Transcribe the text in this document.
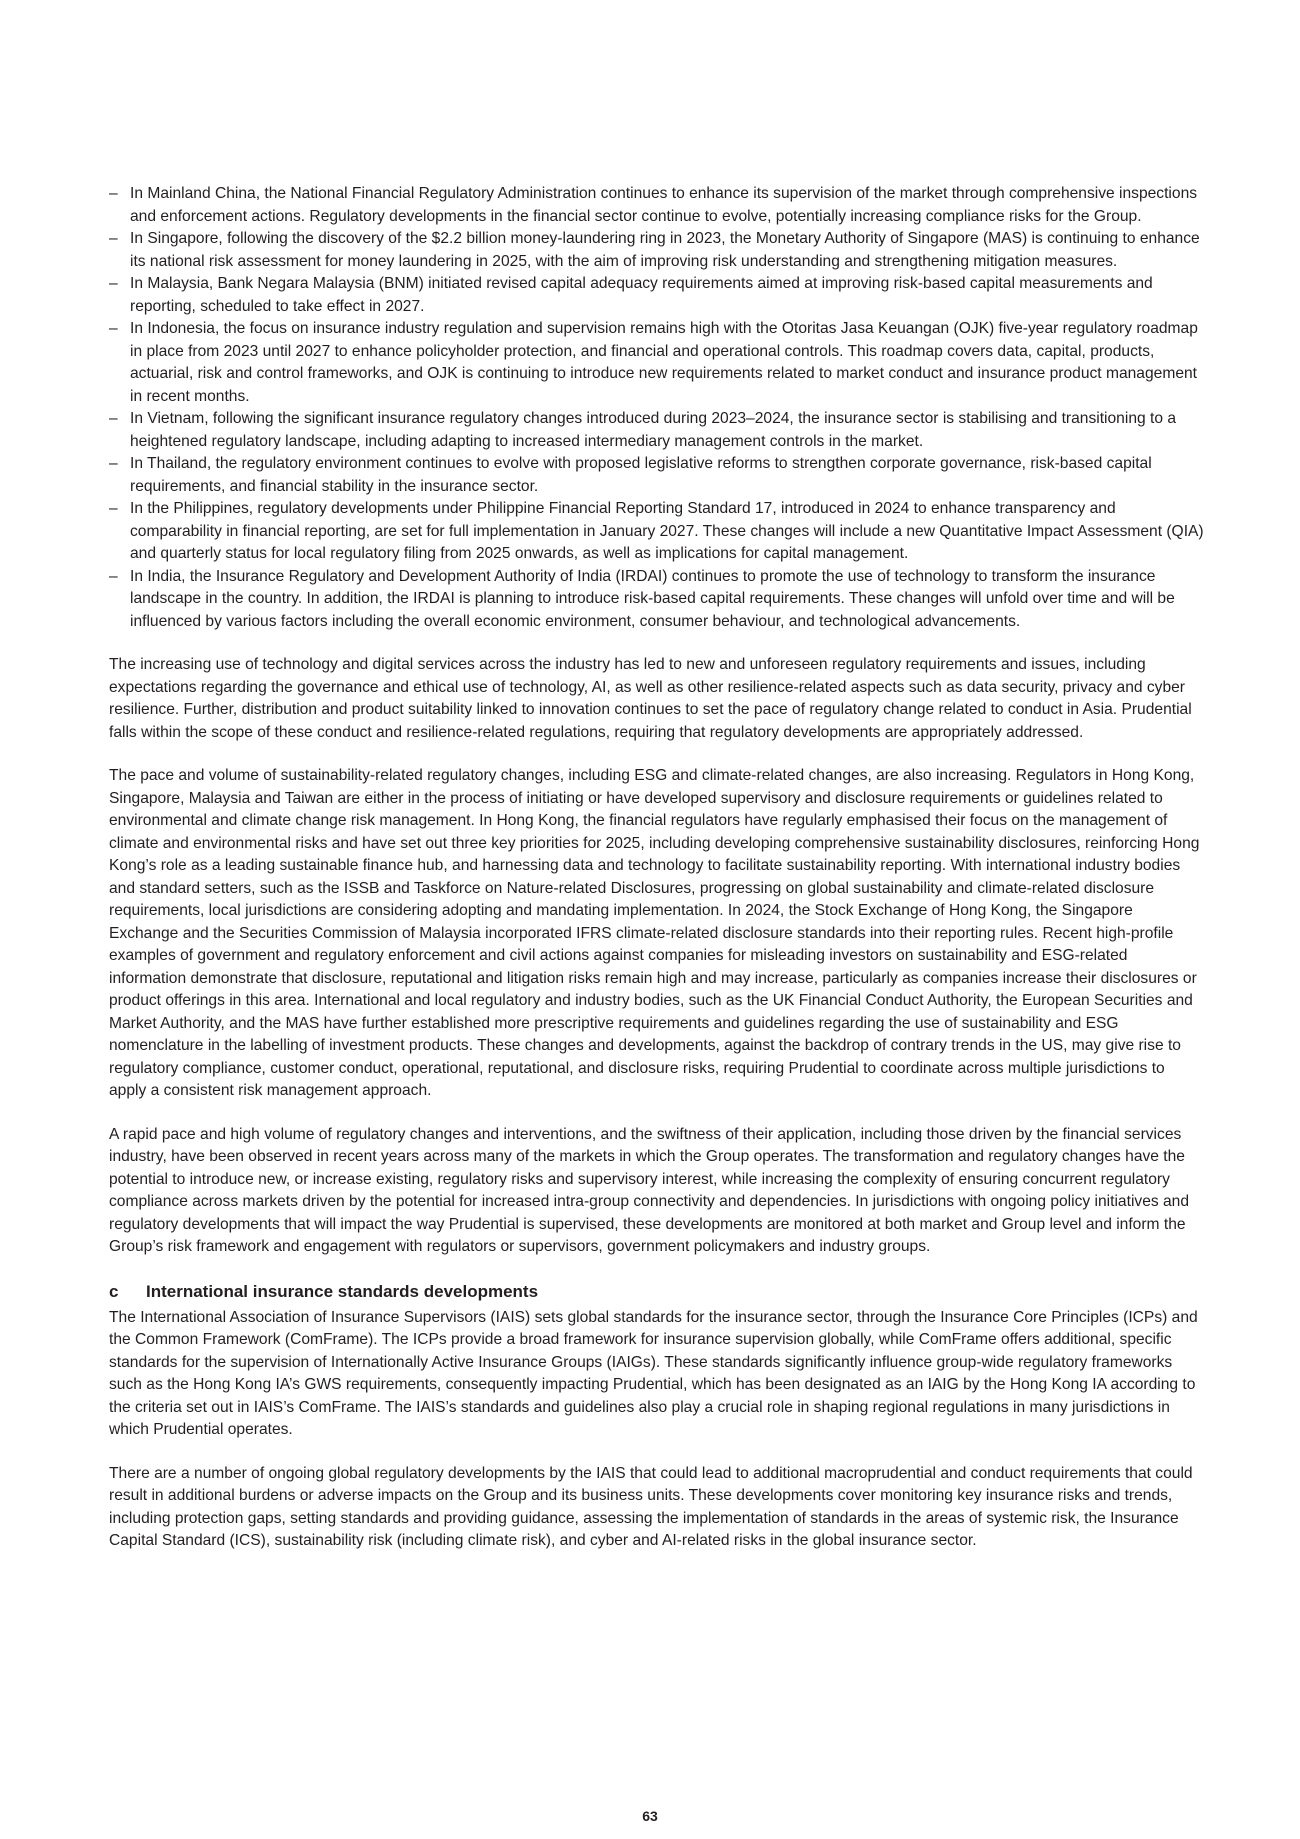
– In Mainland China, the National Financial Regulatory Administration continues to enhance its supervision of the market through comprehensive inspections and enforcement actions. Regulatory developments in the financial sector continue to evolve, potentially increasing compliance risks for the Group.
– In Singapore, following the discovery of the $2.2 billion money-laundering ring in 2023, the Monetary Authority of Singapore (MAS) is continuing to enhance its national risk assessment for money laundering in 2025, with the aim of improving risk understanding and strengthening mitigation measures.
– In Malaysia, Bank Negara Malaysia (BNM) initiated revised capital adequacy requirements aimed at improving risk-based capital measurements and reporting, scheduled to take effect in 2027.
– In Indonesia, the focus on insurance industry regulation and supervision remains high with the Otoritas Jasa Keuangan (OJK) five-year regulatory roadmap in place from 2023 until 2027 to enhance policyholder protection, and financial and operational controls. This roadmap covers data, capital, products, actuarial, risk and control frameworks, and OJK is continuing to introduce new requirements related to market conduct and insurance product management in recent months.
– In Vietnam, following the significant insurance regulatory changes introduced during 2023–2024, the insurance sector is stabilising and transitioning to a heightened regulatory landscape, including adapting to increased intermediary management controls in the market.
– In Thailand, the regulatory environment continues to evolve with proposed legislative reforms to strengthen corporate governance, risk-based capital requirements, and financial stability in the insurance sector.
– In the Philippines, regulatory developments under Philippine Financial Reporting Standard 17, introduced in 2024 to enhance transparency and comparability in financial reporting, are set for full implementation in January 2027. These changes will include a new Quantitative Impact Assessment (QIA) and quarterly status for local regulatory filing from 2025 onwards, as well as implications for capital management.
– In India, the Insurance Regulatory and Development Authority of India (IRDAI) continues to promote the use of technology to transform the insurance landscape in the country. In addition, the IRDAI is planning to introduce risk-based capital requirements. These changes will unfold over time and will be influenced by various factors including the overall economic environment, consumer behaviour, and technological advancements.

The increasing use of technology and digital services across the industry has led to new and unforeseen regulatory requirements and issues, including expectations regarding the governance and ethical use of technology, AI, as well as other resilience-related aspects such as data security, privacy and cyber resilience. Further, distribution and product suitability linked to innovation continues to set the pace of regulatory change related to conduct in Asia. Prudential falls within the scope of these conduct and resilience-related regulations, requiring that regulatory developments are appropriately addressed.

The pace and volume of sustainability-related regulatory changes, including ESG and climate-related changes, are also increasing. Regulators in Hong Kong, Singapore, Malaysia and Taiwan are either in the process of initiating or have developed supervisory and disclosure requirements or guidelines related to environmental and climate change risk management. In Hong Kong, the financial regulators have regularly emphasised their focus on the management of climate and environmental risks and have set out three key priorities for 2025, including developing comprehensive sustainability disclosures, reinforcing Hong Kong’s role as a leading sustainable finance hub, and harnessing data and technology to facilitate sustainability reporting. With international industry bodies and standard setters, such as the ISSB and Taskforce on Nature-related Disclosures, progressing on global sustainability and climate-related disclosure requirements, local jurisdictions are considering adopting and mandating implementation. In 2024, the Stock Exchange of Hong Kong, the Singapore Exchange and the Securities Commission of Malaysia incorporated IFRS climate-related disclosure standards into their reporting rules. Recent high-profile examples of government and regulatory enforcement and civil actions against companies for misleading investors on sustainability and ESG-related information demonstrate that disclosure, reputational and litigation risks remain high and may increase, particularly as companies increase their disclosures or product offerings in this area. International and local regulatory and industry bodies, such as the UK Financial Conduct Authority, the European Securities and Market Authority, and the MAS have further established more prescriptive requirements and guidelines regarding the use of sustainability and ESG nomenclature in the labelling of investment products. These changes and developments, against the backdrop of contrary trends in the US, may give rise to regulatory compliance, customer conduct, operational, reputational, and disclosure risks, requiring Prudential to coordinate across multiple jurisdictions to apply a consistent risk management approach.

A rapid pace and high volume of regulatory changes and interventions, and the swiftness of their application, including those driven by the financial services industry, have been observed in recent years across many of the markets in which the Group operates. The transformation and regulatory changes have the potential to introduce new, or increase existing, regulatory risks and supervisory interest, while increasing the complexity of ensuring concurrent regulatory compliance across markets driven by the potential for increased intra-group connectivity and dependencies. In jurisdictions with ongoing policy initiatives and regulatory developments that will impact the way Prudential is supervised, these developments are monitored at both market and Group level and inform the Group’s risk framework and engagement with regulators or supervisors, government policymakers and industry groups.

c	International insurance standards developments

The International Association of Insurance Supervisors (IAIS) sets global standards for the insurance sector, through the Insurance Core Principles (ICPs) and the Common Framework (ComFrame). The ICPs provide a broad framework for insurance supervision globally, while ComFrame offers additional, specific standards for the supervision of Internationally Active Insurance Groups (IAIGs). These standards significantly influence group-wide regulatory frameworks such as the Hong Kong IA’s GWS requirements, consequently impacting Prudential, which has been designated as an IAIG by the Hong Kong IA according to the criteria set out in IAIS’s ComFrame. The IAIS’s standards and guidelines also play a crucial role in shaping regional regulations in many jurisdictions in which Prudential operates.

There are a number of ongoing global regulatory developments by the IAIS that could lead to additional macroprudential and conduct requirements that could result in additional burdens or adverse impacts on the Group and its business units. These developments cover monitoring key insurance risks and trends, including protection gaps, setting standards and providing guidance, assessing the implementation of standards in the areas of systemic risk, the Insurance Capital Standard (ICS), sustainability risk (including climate risk), and cyber and AI-related risks in the global insurance sector.

63
